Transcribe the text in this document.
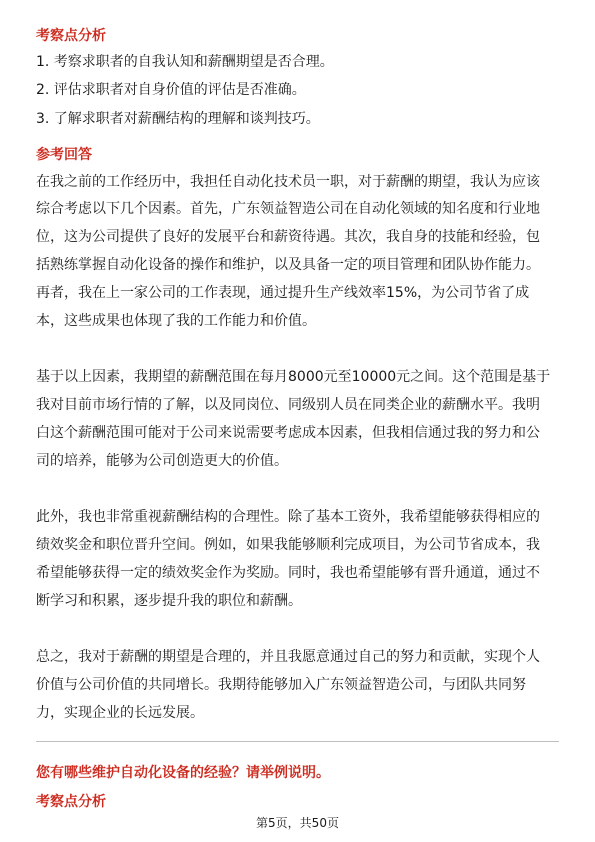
考察点分析
1. 考察求职者的自我认知和薪酬期望是否合理。
2. 评估求职者对自身价值的评估是否准确。
3. 了解求职者对薪酬结构的理解和谈判技巧。
参考回答
在我之前的工作经历中，我担任自动化技术员一职，对于薪酬的期望，我认为应该
综合考虑以下几个因素。首先，广东领益智造公司在自动化领域的知名度和行业地
位，这为公司提供了良好的发展平台和薪资待遇。其次，我自身的技能和经验，包
括熟练掌握自动化设备的操作和维护，以及具备一定的项目管理和团队协作能力。
再者，我在上一家公司的工作表现，通过提升生产线效率15%，为公司节省了成
本，这些成果也体现了我的工作能力和价值。
基于以上因素，我期望的薪酬范围在每月8000元至10000元之间。这个范围是基于
我对目前市场行情的了解，以及同岗位、同级别人员在同类企业的薪酬水平。我明
白这个薪酬范围可能对于公司来说需要考虑成本因素，但我相信通过我的努力和公
司的培养，能够为公司创造更大的价值。
此外，我也非常重视薪酬结构的合理性。除了基本工资外，我希望能够获得相应的
绩效奖金和职位晋升空间。例如，如果我能够顺利完成项目，为公司节省成本，我
希望能够获得一定的绩效奖金作为奖励。同时，我也希望能够有晋升通道，通过不
断学习和积累，逐步提升我的职位和薪酬。
总之，我对于薪酬的期望是合理的，并且我愿意通过自己的努力和贡献，实现个人
价值与公司价值的共同增长。我期待能够加入广东领益智造公司，与团队共同努
力，实现企业的长远发展。
您有哪些维护自动化设备的经验？请举例说明。
考察点分析
第5页，共50页
